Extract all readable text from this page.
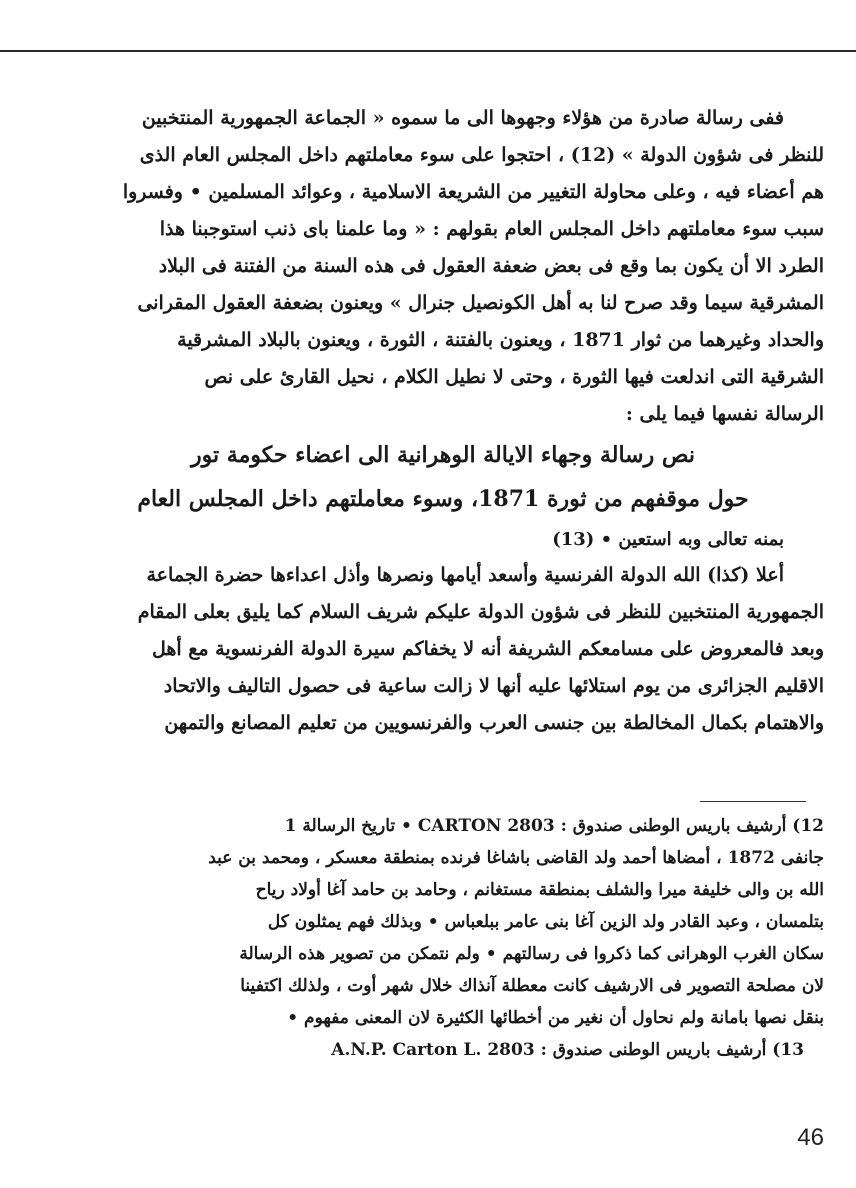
ففى رسالة صادرة من هؤلاء وجهوها الى ما سموه « الجماعة الجمهورية المنتخبين

للنظر فى شؤون الدولة » (12) ، احتجوا على سوء معاملتهم داخل المجلس العام الذى

هم أعضاء فيه ، وعلى محاولة التغيير من الشريعة الاسلامية ، وعوائد المسلمين • وفسروا

سبب سوء معاملتهم داخل المجلس العام بقولهم : « وما علمنا باى ذنب استوجبنا هذا

الطرد الا أن يكون بما وقع فى بعض ضعفة العقول فى هذه السنة من الفتنة فى البلاد

المشرقية سيما وقد صرح لنا به أهل الكونصيل جنرال » ويعنون بضعفة العقول المقرانى

والحداد وغيرهما من ثوار 1871 ، ويعنون بالفتنة ، الثورة ، ويعنون بالبلاد المشرقية

الشرقية التى اندلعت فيها الثورة ، وحتى لا نطيل الكلام ، نحيل القارئ على نص

الرسالة نفسها فيما يلى :

نص رسالة وجهاء الايالة الوهرانية الى اعضاء حكومة تور
حول موقفهم من ثورة 1871، وسوء معاملتهم داخل المجلس العام

بمنه تعالى وبه استعين • (13)

أعلا (كذا) الله الدولة الفرنسية وأسعد أيامها ونصرها وأذل اعداءها حضرة الجماعة

الجمهورية المنتخبين للنظر فى شؤون الدولة عليكم شريف السلام كما يليق بعلى المقام

وبعد فالمعروض على مسامعكم الشريفة أنه لا يخفاكم سيرة الدولة الفرنسوية مع أهل

الاقليم الجزائرى من يوم استلائها عليه أنها لا زالت ساعية فى حصول التاليف والاتحاد

والاهتمام بكمال المخالطة بين جنسى العرب والفرنسويين من تعليم المصانع والتمهن

12) أرشيف باريس الوطنى صندوق : 2803 CARTON • تاريخ الرسالة 1

جانفى 1872 ، أمضاها أحمد ولد القاضى باشاغا فرنده بمنطقة معسكر ، ومحمد بن عبد

الله بن والى خليفة ميرا والشلف بمنطقة مستغانم ، وحامد بن حامد آغا أولاد رياح

بتلمسان ، وعبد القادر ولد الزين آغا بنى عامر ببلعباس • وبذلك فهم يمثلون كل

سكان الغرب الوهرانى كما ذكروا فى رسالتهم • ولم نتمكن من تصوير هذه الرسالة

لان مصلحة التصوير فى الارشيف كانت معطلة آنذاك خلال شهر أوت ، ولذلك اكتفينا

بنقل نصها بامانة ولم نحاول أن نغير من أخطائها الكثيرة لان المعنى مفهوم •

13) أرشيف باريس الوطنى صندوق : 2803 A.N.P. Carton L.

46
